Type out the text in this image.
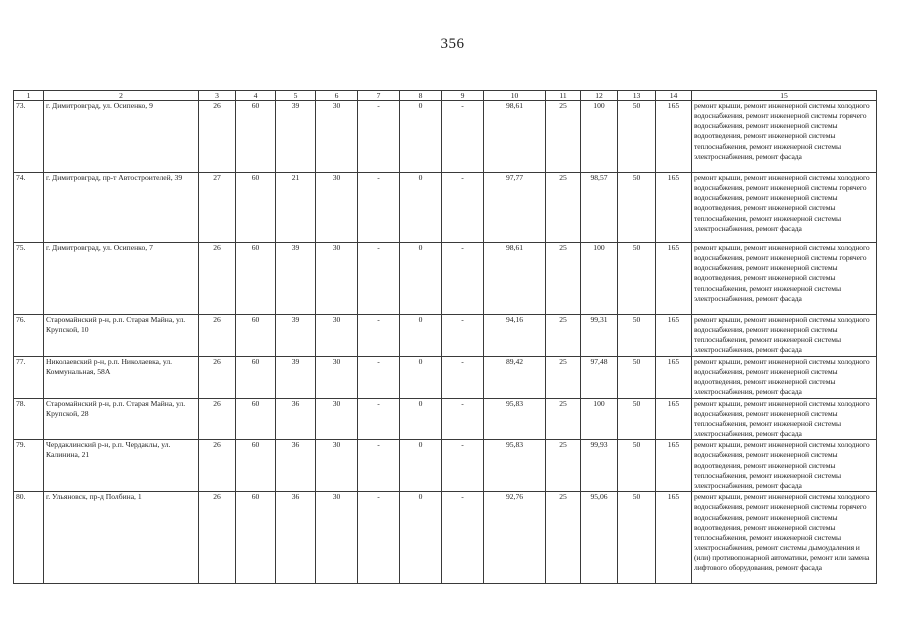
356
1	2	3	4	5	6	7	8	9	10	11	12	13	14	15
73.	г. Димитровград, ул. Осипенко, 9	26	60	39	30	-	0	-	98,61	25	100	50	165	ремонт крыши, ремонт инженерной системы холодного водоснабжения, ремонт инженерной системы горячего водоснабжения, ремонт инженерной системы водоотведения, ремонт инженерной системы теплоснабжения, ремонт инженерной системы электроснабжения, ремонт фасада
74.	г. Димитровград, пр-т Автостроителей, 39	27	60	21	30	-	0	-	97,77	25	98,57	50	165	ремонт крыши, ремонт инженерной системы холодного водоснабжения, ремонт инженерной системы горячего водоснабжения, ремонт инженерной системы водоотведения, ремонт инженерной системы теплоснабжения, ремонт инженерной системы электроснабжения, ремонт фасада
75.	г. Димитровград, ул. Осипенко, 7	26	60	39	30	-	0	-	98,61	25	100	50	165	ремонт крыши, ремонт инженерной системы холодного водоснабжения, ремонт инженерной системы горячего водоснабжения, ремонт инженерной системы водоотведения, ремонт инженерной системы теплоснабжения, ремонт инженерной системы электроснабжения, ремонт фасада
76.	Старомайнский р-н, р.п. Старая Майна, ул. Крупской, 10	26	60	39	30	-	0	-	94,16	25	99,31	50	165	ремонт крыши, ремонт инженерной системы холодного водоснабжения, ремонт инженерной системы теплоснабжения, ремонт инженерной системы электроснабжения, ремонт фасада
77.	Николаевский р-н, р.п. Николаевка, ул. Коммунальная, 58А	26	60	39	30	-	0	-	89,42	25	97,48	50	165	ремонт крыши, ремонт инженерной системы холодного водоснабжения, ремонт инженерной системы водоотведения, ремонт инженерной системы электроснабжения, ремонт фасада
78.	Старомайнский р-н, р.п. Старая Майна, ул. Крупской, 28	26	60	36	30	-	0	-	95,83	25	100	50	165	ремонт крыши, ремонт инженерной системы холодного водоснабжения, ремонт инженерной системы теплоснабжения, ремонт инженерной системы электроснабжения, ремонт фасада
79.	Чердаклинский р-н, р.п. Чердаклы, ул. Калинина, 21	26	60	36	30	-	0	-	95,83	25	99,93	50	165	ремонт крыши, ремонт инженерной системы холодного водоснабжения, ремонт инженерной системы водоотведения, ремонт инженерной системы теплоснабжения, ремонт инженерной системы электроснабжения, ремонт фасада
80.	г. Ульяновск, пр-д Полбина, 1	26	60	36	30	-	0	-	92,76	25	95,06	50	165	ремонт крыши, ремонт инженерной системы холодного водоснабжения, ремонт инженерной системы горячего водоснабжения, ремонт инженерной системы водоотведения, ремонт инженерной системы теплоснабжения, ремонт инженерной системы электроснабжения, ремонт системы дымоудаления и (или) противопожарной автоматики, ремонт или замена лифтового оборудования, ремонт фасада
